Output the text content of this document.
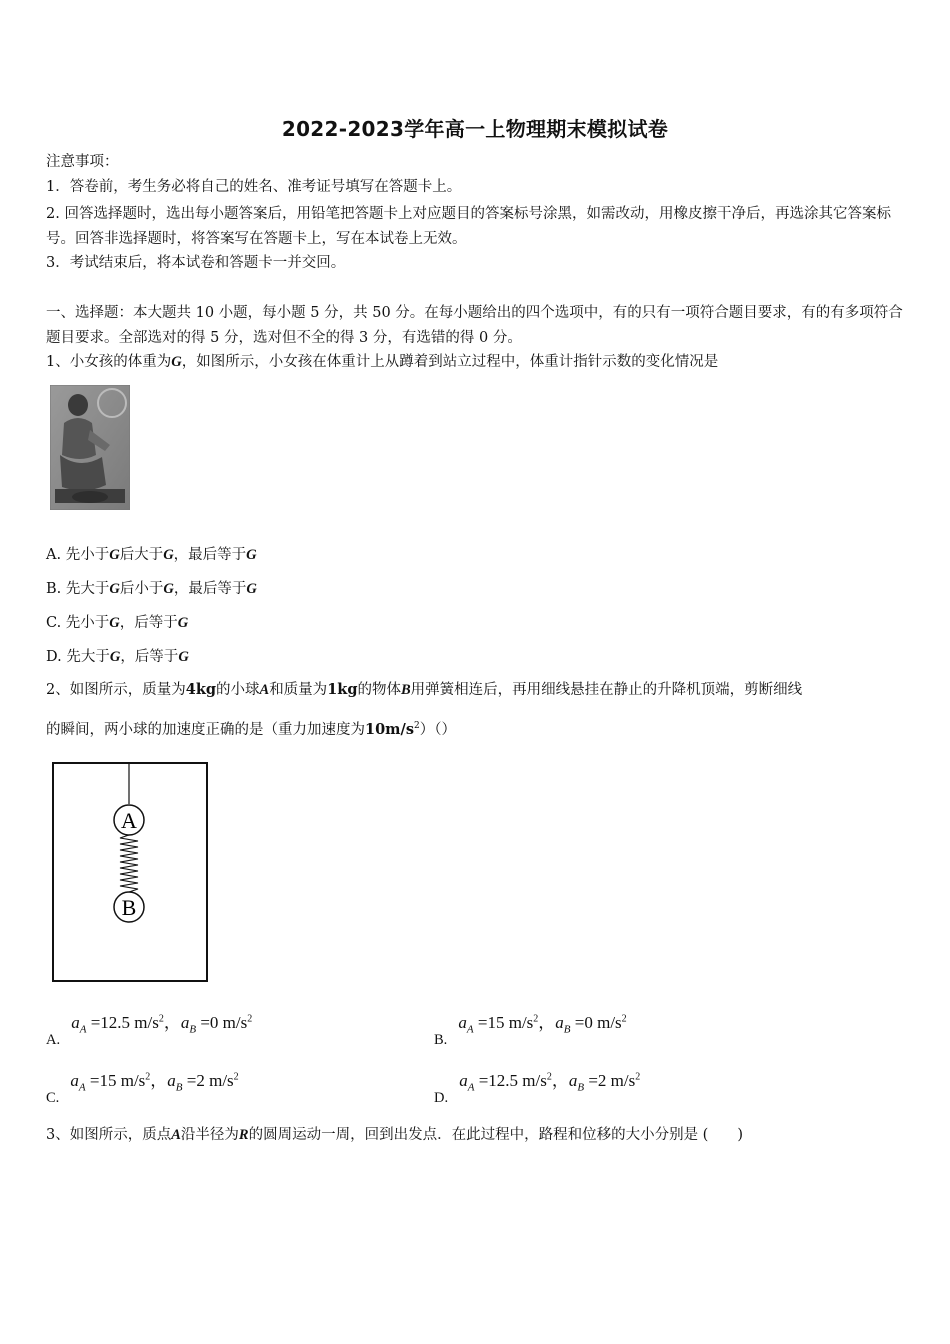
2022-2023学年高一上物理期末模拟试卷
注意事项：
1．答卷前，考生务必将自己的姓名、准考证号填写在答题卡上。
2. 回答选择题时，选出每小题答案后，用铅笔把答题卡上对应题目的答案标号涂黑，如需改动，用橡皮擦干净后，再选涂其它答案标号。回答非选择题时，将答案写在答题卡上，写在本试卷上无效。
3．考试结束后，将本试卷和答题卡一并交回。
一、选择题：本大题共 10 小题，每小题 5 分，共 50 分。在每小题给出的四个选项中，有的只有一项符合题目要求，有的有多项符合题目要求。全部选对的得 5 分，选对但不全的得 3 分，有选错的得 0 分。
1、小女孩的体重为G，如图所示，小女孩在体重计上从蹲着到站立过程中，体重计指针示数的变化情况是
A. 先小于G后大于G，最后等于G
B. 先大于G后小于G，最后等于G
C. 先小于G，后等于G
D. 先大于G，后等于G
2、如图所示，质量为4kg的小球A和质量为1kg的物体B用弹簧相连后，再用细线悬挂在静止的升降机顶端，剪断细线
的瞬间，两小球的加速度正确的是（重力加速度为$10m/s^2)()$
A
B
A. $a_A =12.5$ $m/s^2$，$a_B =0$ $m/s^2$
B. $a_A =15$ $m/s^2$，$a_B =0$ $m/s^2$
C. $a_A =15$ $m/s^2$，$a_B =2$ $m/s^2$
D. $a_A =12.5$ $m/s^2$，$a_B =2$ $m/s^2$
3、如图所示，质点A沿半径为R的圆周运动一周，回到出发点．在此过程中，路程和位移的大小分别是 (　　)
